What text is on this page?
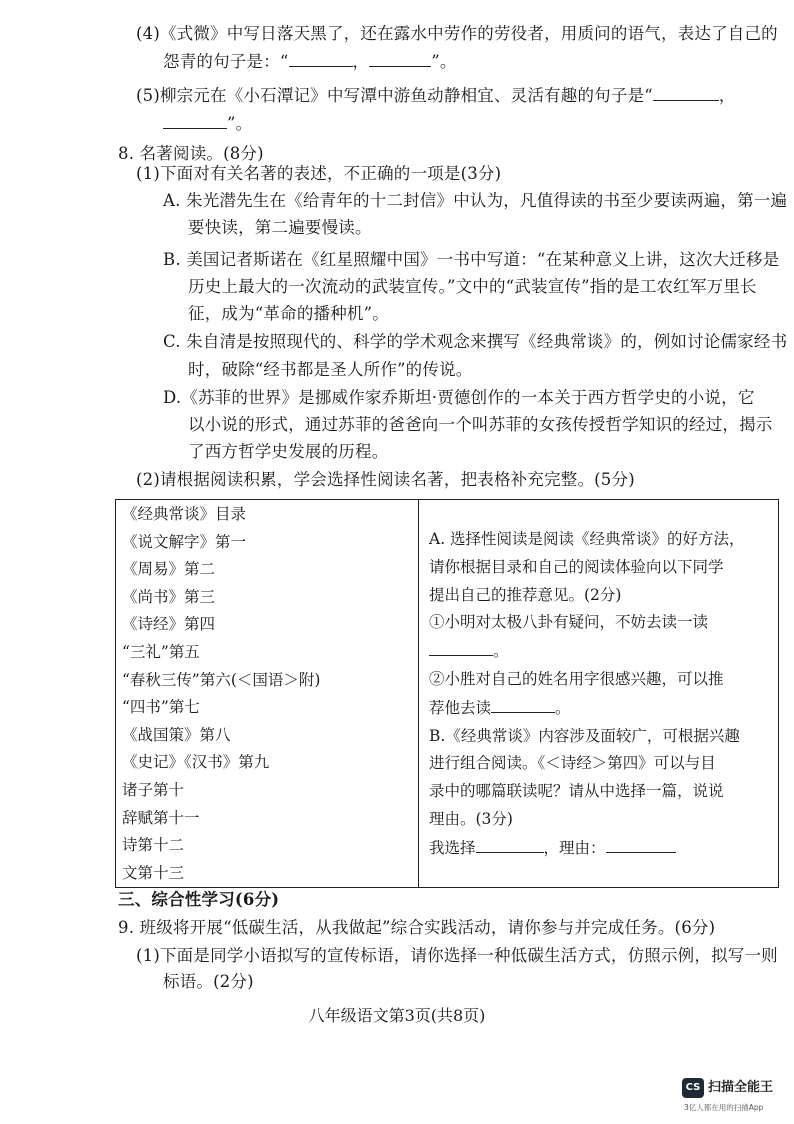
(4)《式微》中写日落天黑了，还在露水中劳作的劳役者，用质问的语气，表达了自己的
怨青的句子是：“	，	”。
(5)柳宗元在《小石潭记》中写潭中游鱼动静相宜、灵活有趣的句子是“	，
”。
8. 名著阅读。(8分)
(1)下面对有关名著的表述，不正确的一项是(3分)
A. 朱光潜先生在《给青年的十二封信》中认为，凡值得读的书至少要读两遍，第一遍
要快读，第二遍要慢读。
B. 美国记者斯诺在《红星照耀中国》一书中写道：“在某种意义上讲，这次大迁移是
历史上最大的一次流动的武装宣传。”文中的“武装宣传”指的是工农红军万里长
征，成为“革命的播种机”。
C. 朱自清是按照现代的、科学的学术观念来撰写《经典常谈》的，例如讨论儒家经书
时，破除“经书都是圣人所作”的传说。
D.《苏菲的世界》是挪威作家乔斯坦·贾德创作的一本关于西方哲学史的小说，它
以小说的形式，通过苏菲的爸爸向一个叫苏菲的女孩传授哲学知识的经过，揭示
了西方哲学史发展的历程。
(2)请根据阅读积累，学会选择性阅读名著，把表格补充完整。(5分)
《经典常谈》目录
《说文解字》第一
《周易》第二
《尚书》第三
《诗经》第四
“三礼”第五
“春秋三传”第六(＜国语＞附)
“四书”第七
《战国策》第八
《史记》《汉书》第九
诸子第十
辞赋第十一
诗第十二
文第十三

A. 选择性阅读是阅读《经典常谈》的好方法，
请你根据目录和自己的阅读体验向以下同学
提出自己的推荐意见。(2分)
①小明对太极八卦有疑问，不妨去读一读
。
②小胜对自己的姓名用字很感兴趣，可以推
荐他去读	。
B.《经典常谈》内容涉及面较广，可根据兴趣
进行组合阅读。《＜诗经＞第四》可以与目
录中的哪篇联读呢？请从中选择一篇，说说
理由。(3分)
我选择	，理由：
三、综合性学习(6分)
9. 班级将开展“低碳生活，从我做起”综合实践活动，请你参与并完成任务。(6分)
(1)下面是同学小语拟写的宣传标语，请你选择一种低碳生活方式，仿照示例，拟写一则
标语。(2分)
八年级语文第3页(共8页)
CS 扫描全能王
3亿人都在用的扫描App
